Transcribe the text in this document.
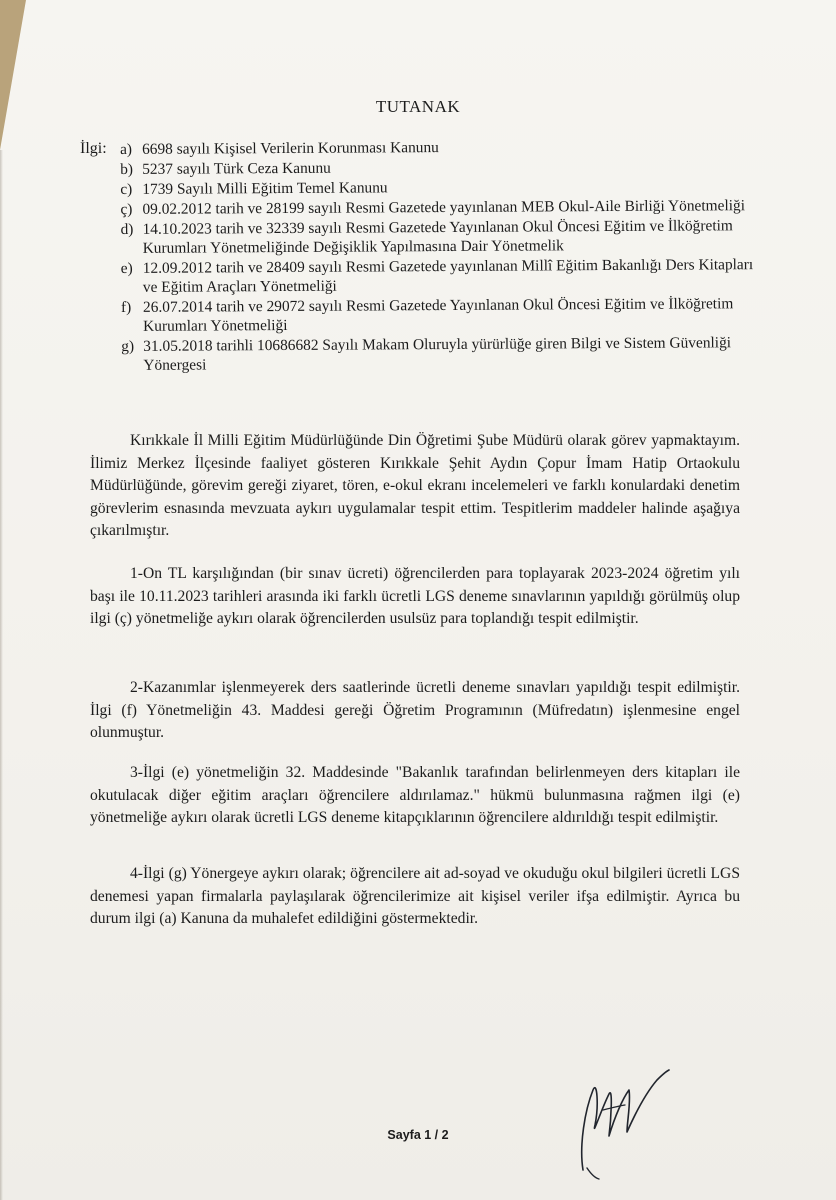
TUTANAK
İlgi: a) 6698 sayılı Kişisel Verilerin Korunması Kanunu
b) 5237 sayılı Türk Ceza Kanunu
c) 1739 Sayılı Milli Eğitim Temel Kanunu
ç) 09.02.2012 tarih ve 28199 sayılı Resmi Gazetede yayınlanan MEB Okul-Aile Birliği Yönetmeliği
d) 14.10.2023 tarih ve 32339 sayılı Resmi Gazetede Yayınlanan Okul Öncesi Eğitim ve İlköğretim Kurumları Yönetmeliğinde Değişiklik Yapılmasına Dair Yönetmelik
e) 12.09.2012 tarih ve 28409 sayılı Resmi Gazetede yayınlanan Millî Eğitim Bakanlığı Ders Kitapları ve Eğitim Araçları Yönetmeliği
f) 26.07.2014 tarih ve 29072 sayılı Resmi Gazetede Yayınlanan Okul Öncesi Eğitim ve İlköğretim Kurumları Yönetmeliği
g) 31.05.2018 tarihli 10686682 Sayılı Makam Oluruyla yürürlüğe giren Bilgi ve Sistem Güvenliği Yönergesi

Kırıkkale İl Milli Eğitim Müdürlüğünde Din Öğretimi Şube Müdürü olarak görev yapmaktayım. İlimiz Merkez İlçesinde faaliyet gösteren Kırıkkale Şehit Aydın Çopur İmam Hatip Ortaokulu Müdürlüğünde, görevim gereği ziyaret, tören, e-okul ekranı incelemeleri ve farklı konulardaki denetim görevlerim esnasında mevzuata aykırı uygulamalar tespit ettim. Tespitlerim maddeler halinde aşağıya çıkarılmıştır.

1-On TL karşılığından (bir sınav ücreti) öğrencilerden para toplayarak 2023-2024 öğretim yılı başı ile 10.11.2023 tarihleri arasında iki farklı ücretli LGS deneme sınavlarının yapıldığı görülmüş olup ilgi (ç) yönetmeliğe aykırı olarak öğrencilerden usulsüz para toplandığı tespit edilmiştir.

2-Kazanımlar işlenmeyerek ders saatlerinde ücretli deneme sınavları yapıldığı tespit edilmiştir. İlgi (f) Yönetmeliğin 43. Maddesi gereği Öğretim Programının (Müfredatın) işlenmesine engel olunmuştur.

3-İlgi (e) yönetmeliğin 32. Maddesinde "Bakanlık tarafından belirlenmeyen ders kitapları ile okutulacak diğer eğitim araçları öğrencilere aldırılamaz." hükmü bulunmasına rağmen ilgi (e) yönetmeliğe aykırı olarak ücretli LGS deneme kitapçıklarının öğrencilere aldırıldığı tespit edilmiştir.

4-İlgi (g) Yönergeye aykırı olarak; öğrencilere ait ad-soyad ve okuduğu okul bilgileri ücretli LGS denemesi yapan firmalarla paylaşılarak öğrencilerimize ait kişisel veriler ifşa edilmiştir. Ayrıca bu durum ilgi (a) Kanuna da muhalefet edildiğini göstermektedir.

Sayfa 1 / 2
